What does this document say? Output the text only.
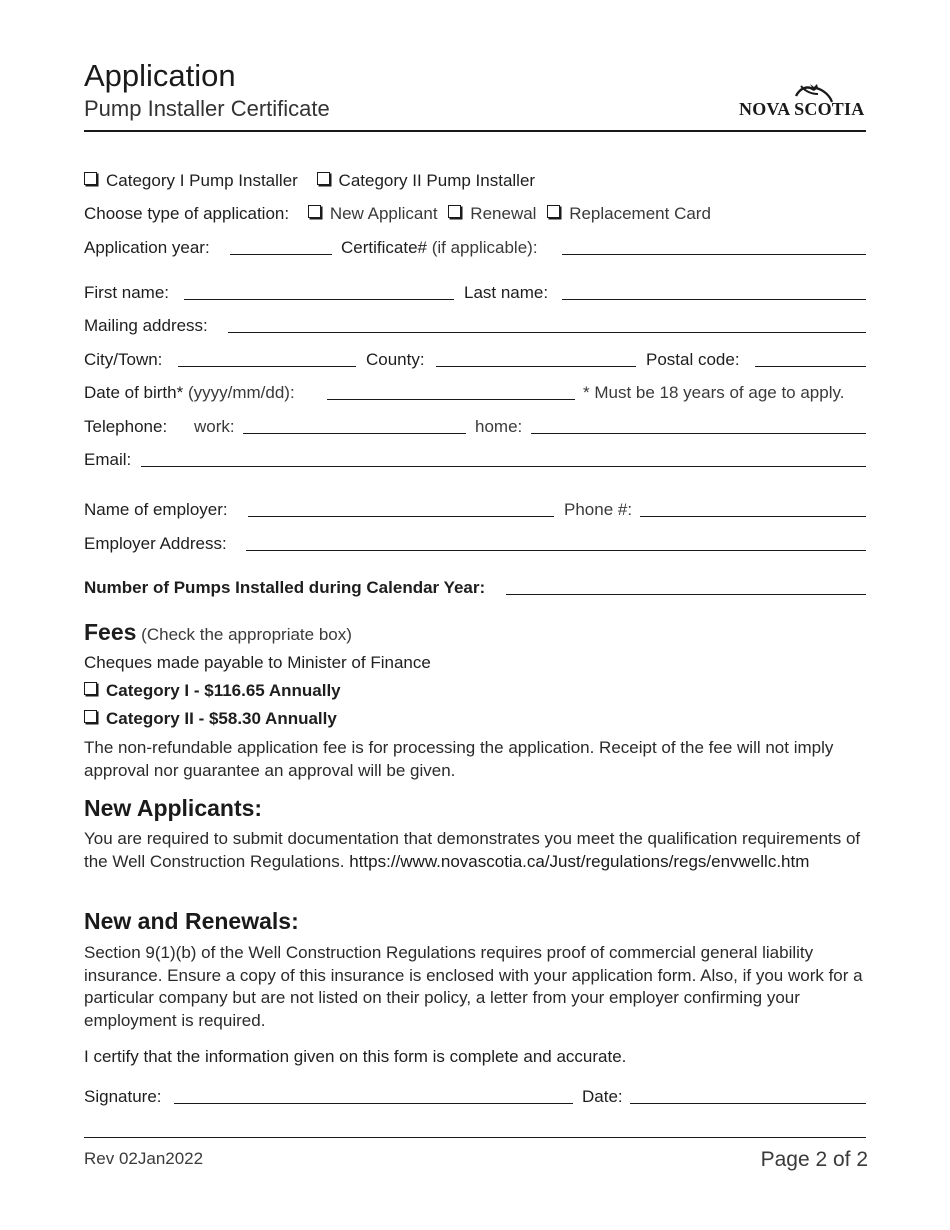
Application
Pump Installer Certificate	NOVA SCOTIA
Category I Pump Installer Category II Pump Installer
Choose type of application: New Applicant Renewal Replacement Card
Application year:	Certificate# (if applicable):
First name:	Last name:
Mailing address:
City/Town:	County:	Postal code:
Date of birth* (yyyy/mm/dd):	* Must be 18 years of age to apply.
Telephone: work:	home:
Email:
Name of employer:	Phone #:
Employer Address:
Number of Pumps Installed during Calendar Year:
Fees (Check the appropriate box)
Cheques made payable to Minister of Finance
Category I - $116.65 Annually
Category II - $58.30 Annually
The non-refundable application fee is for processing the application. Receipt of the fee will not imply approval nor guarantee an approval will be given.
New Applicants:
You are required to submit documentation that demonstrates you meet the qualification requirements of the Well Construction Regulations. https://www.novascotia.ca/Just/regulations/regs/envwellc.htm
New and Renewals:
Section 9(1)(b) of the Well Construction Regulations requires proof of commercial general liability insurance. Ensure a copy of this insurance is enclosed with your application form. Also, if you work for a particular company but are not listed on their policy, a letter from your employer confirming your employment is required.
I certify that the information given on this form is complete and accurate.
Signature:	Date:
Rev 02Jan2022	Page 2 of 2
